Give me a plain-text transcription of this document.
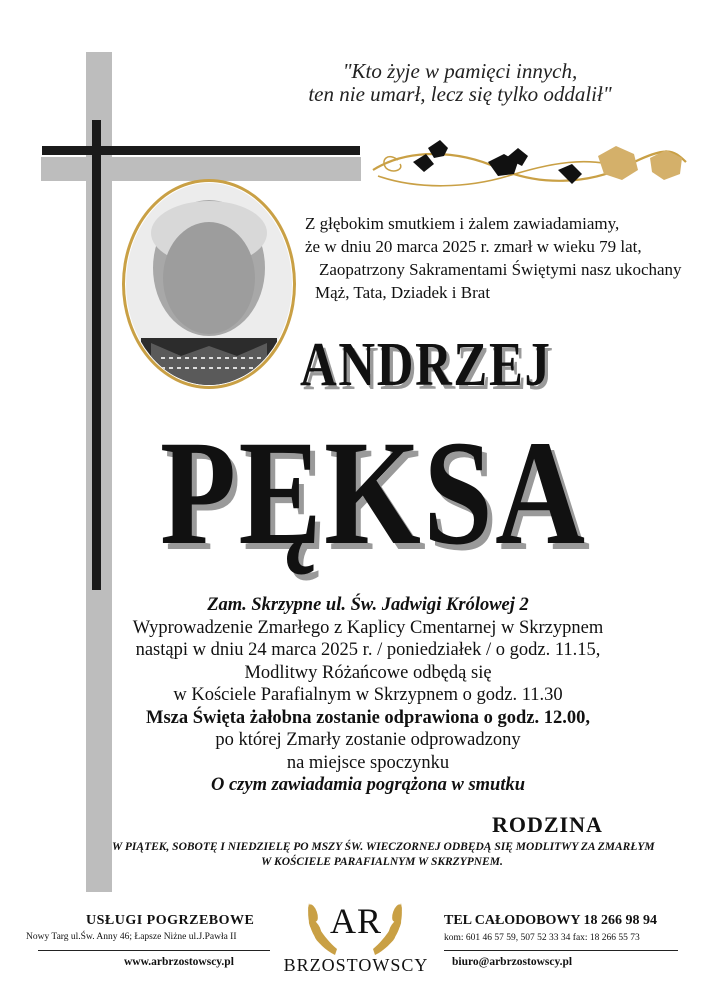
"Kto żyje w pamięci innych,
ten nie umarł, lecz się tylko oddalił"
Z głębokim smutkiem i żalem zawiadamiamy,
że w dniu 20 marca 2025 r. zmarł w wieku 79 lat,
Zaopatrzony Sakramentami Świętymi nasz ukochany
Mąż, Tata, Dziadek i Brat
ANDRZEJ
PĘKSA
Zam. Skrzypne ul. Św. Jadwigi Królowej 2
Wyprowadzenie Zmarłego z Kaplicy Cmentarnej w Skrzypnem
nastąpi w dniu 24 marca 2025 r. / poniedziałek / o godz. 11.15,
Modlitwy Różańcowe odbędą się
w Kościele Parafialnym w Skrzypnem o godz. 11.30
Msza Święta żałobna zostanie odprawiona o godz. 12.00,
po której Zmarły zostanie odprowadzony
na miejsce spoczynku
O czym zawiadamia pogrążona w smutku
RODZINA
W PIĄTEK, SOBOTĘ I NIEDZIELĘ PO MSZY ŚW. WIECZORNEJ ODBĘDĄ SIĘ MODLITWY ZA ZMARŁYM
W KOŚCIELE PARAFIALNYM W SKRZYPNEM.
USŁUGI POGRZEBOWE
Nowy Targ ul.Św. Anny 46; Łapsze Niżne ul.J.Pawła II
www.arbrzostowscy.pl
AR
BRZOSTOWSCY
TEL CAŁODOBOWY 18 266 98 94
kom: 601 46 57 59, 507 52 33 34 fax: 18 266 55 73
biuro@arbrzostowscy.pl
